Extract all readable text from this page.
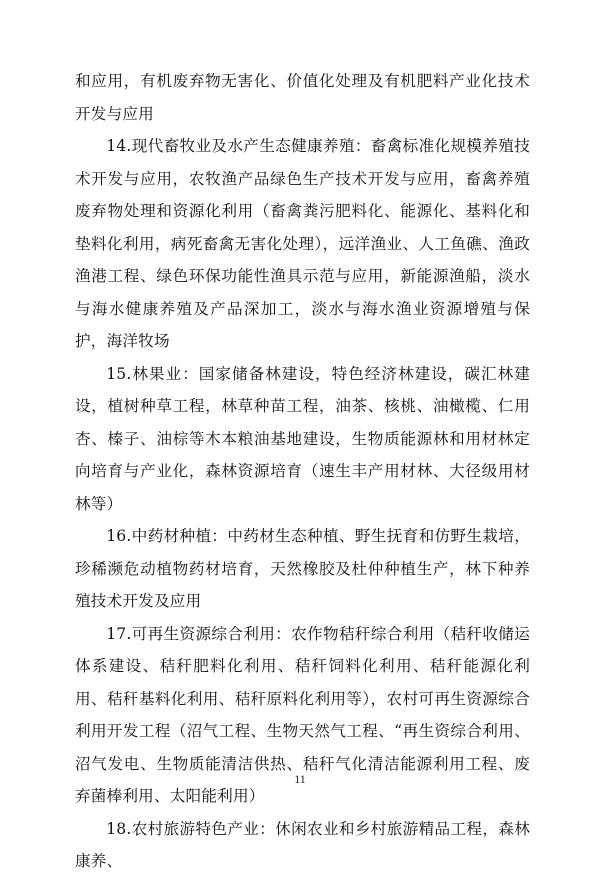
和应用，有机废弃物无害化、价值化处理及有机肥料产业化技术开发与应用

14.现代畜牧业及水产生态健康养殖：畜禽标准化规模养殖技术开发与应用，农牧渔产品绿色生产技术开发与应用，畜禽养殖废弃物处理和资源化利用（畜禽粪污肥料化、能源化、基料化和垫料化利用，病死畜禽无害化处理），远洋渔业、人工鱼礁、渔政渔港工程、绿色环保功能性渔具示范与应用，新能源渔船，淡水与海水健康养殖及产品深加工，淡水与海水渔业资源增殖与保护，海洋牧场

15.林果业：国家储备林建设，特色经济林建设，碳汇林建设，植树种草工程，林草种苗工程，油茶、核桃、油橄榄、仁用杏、榛子、油棕等木本粮油基地建设，生物质能源林和用材林定向培育与产业化，森林资源培育（速生丰产用材林、大径级用材林等）

16.中药材种植：中药材生态种植、野生抚育和仿野生栽培，珍稀濒危动植物药材培育，天然橡胶及杜仲种植生产，林下种养殖技术开发及应用

17.可再生资源综合利用：农作物秸秆综合利用（秸秆收储运体系建设、秸秆肥料化利用、秸秆饲料化利用、秸秆能源化利用、秸秆基料化利用、秸秆原料化利用等），农村可再生资源综合利用开发工程（沼气工程、生物天然气工程、“再生资综合利用、沼气发电、生物质能清洁供热、秸秆气化清洁能源利用工程、废弃菌棒利用、太阳能利用）

18.农村旅游特色产业：休闲农业和乡村旅游精品工程，森林康养、

11
